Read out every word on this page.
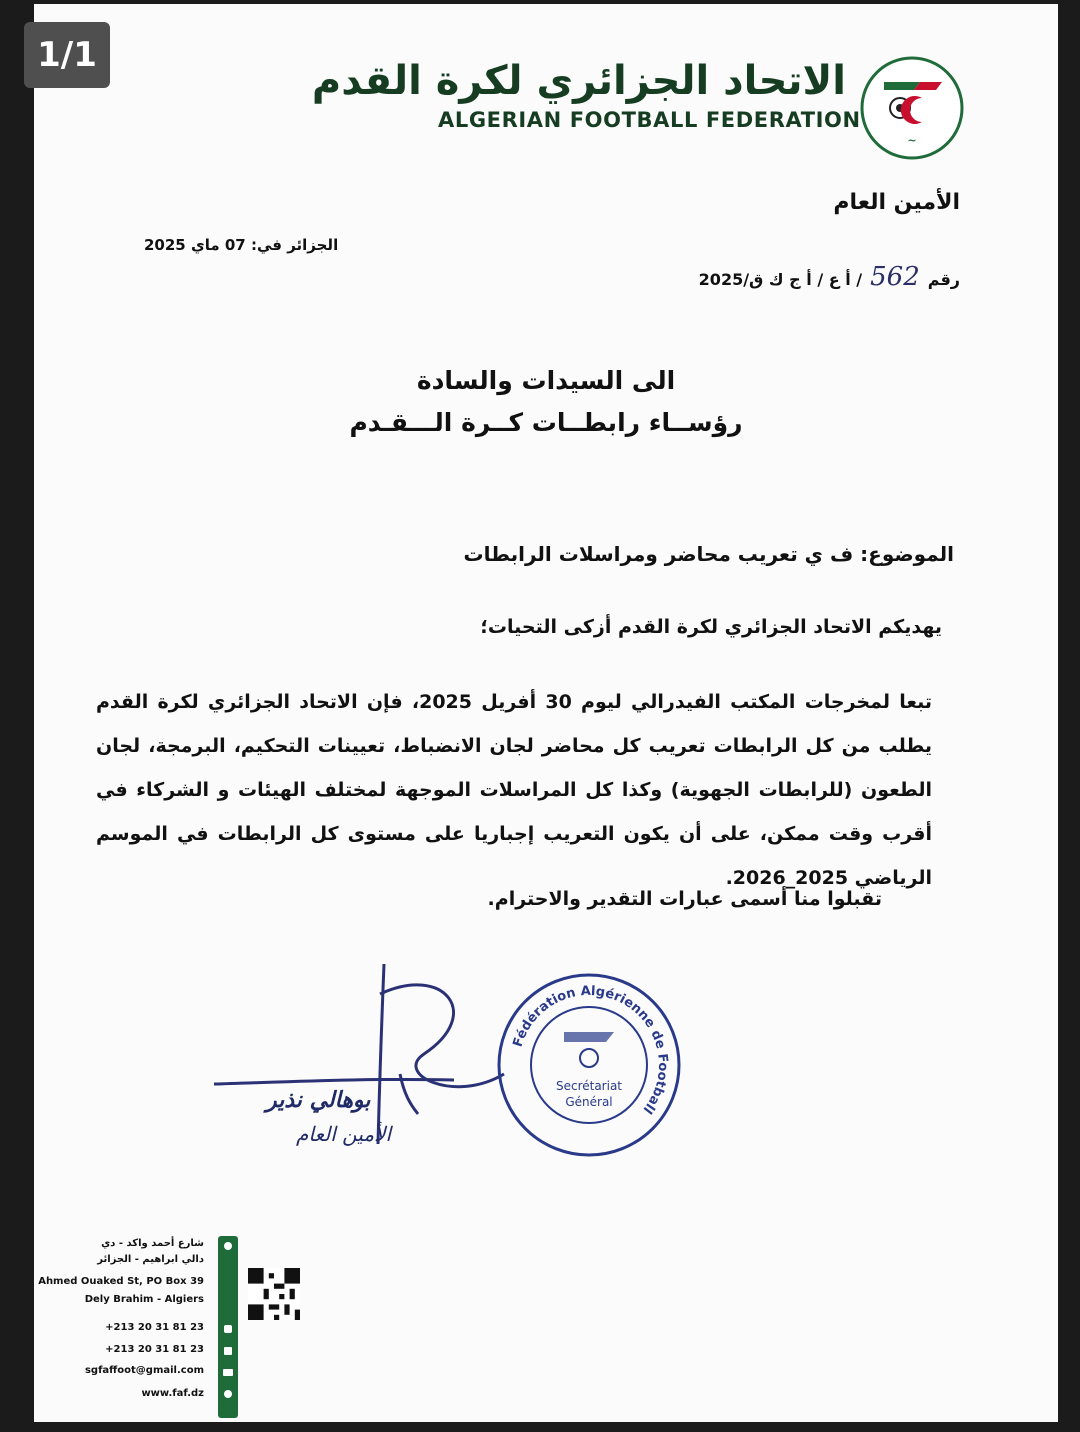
1/1
~
الاتحاد الجزائري لكرة القدم
ALGERIAN FOOTBALL FEDERATION
الأمين العام
الجزائر في: 07 ماي 2025
رقم
562
/ أ ع / أ ج ك ق/2025
الى السيدات والسادة
رؤســاء رابطــات كــرة الـــقـدم
الموضوع: ف ي تعريب محاضر ومراسلات الرابطات
يهديكم الاتحاد الجزائري لكرة القدم أزكى التحيات؛
تبعا لمخرجات المكتب الفيدرالي ليوم 30 أفريل 2025، فإن الاتحاد الجزائري لكرة القدم يطلب من كل الرابطات تعريب كل محاضر لجان الانضباط، تعيينات التحكيم، البرمجة، لجان الطعون (للرابطات الجهوية) وكذا كل المراسلات الموجهة لمختلف الهيئات و الشركاء في أقرب وقت ممكن، على أن يكون التعريب إجباريا على مستوى كل الرابطات في الموسم الرياضي 2025_2026.
تقبلوا منا أسمى عبارات التقدير والاحترام.
بوهالي نذير
الأمين العام
Fédération Algérienne de Football
Secrétariat
Général
شارع أحمد واكد - دي
دالي ابراهيم - الجزائر
Ahmed Ouaked St, PO Box 39
Dely Brahim - Algiers
+213 20 31 81 23
+213 20 31 81 23
sgfaffoot@gmail.com
www.faf.dz
